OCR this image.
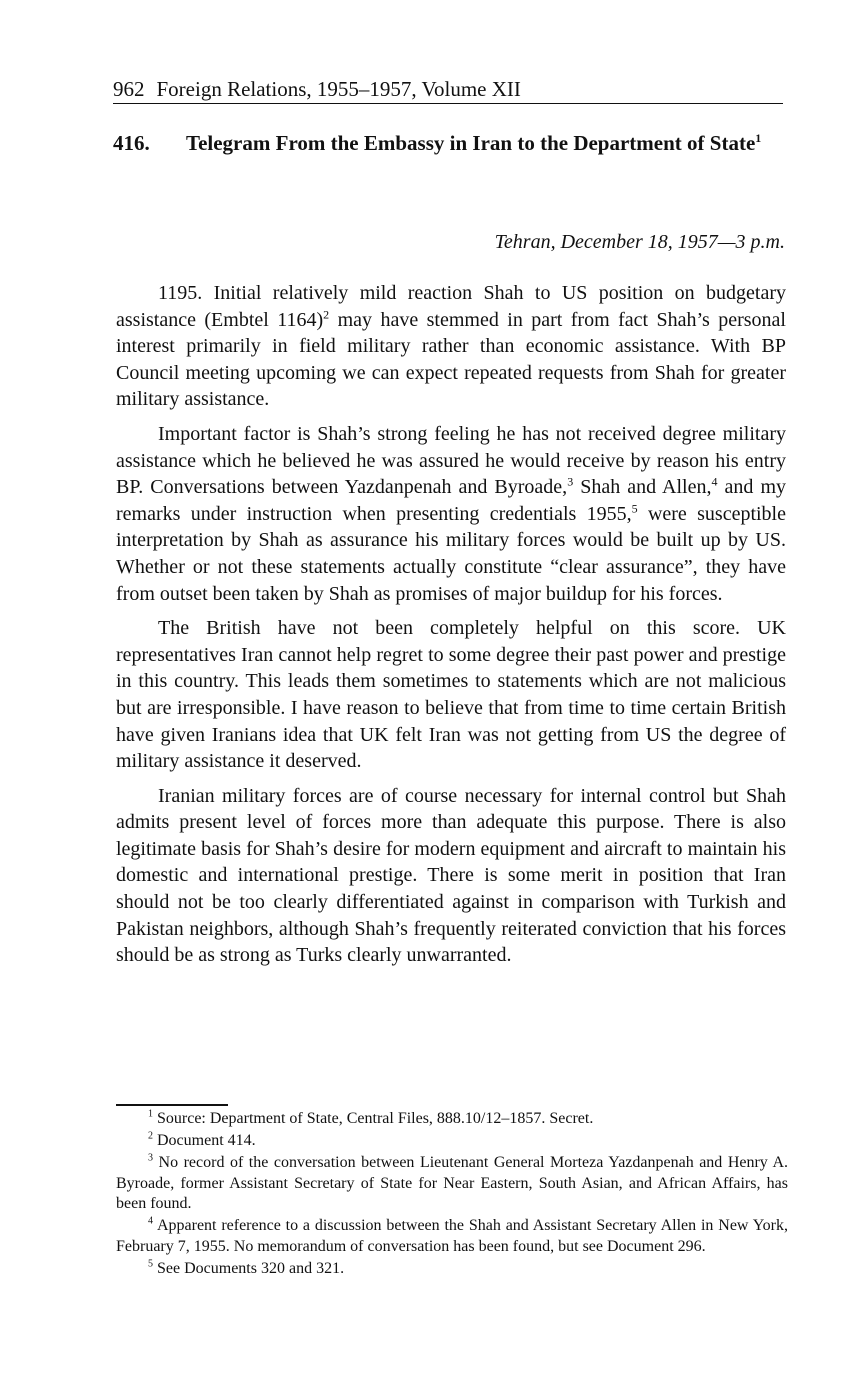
962 Foreign Relations, 1955–1957, Volume XII
416. Telegram From the Embassy in Iran to the Department of State$^1$
Tehran, December 18, 1957—3 p.m.

1195. Initial relatively mild reaction Shah to US position on budgetary assistance (Embtel 1164)$^2$ may have stemmed in part from fact Shah’s personal interest primarily in field military rather than economic assistance. With BP Council meeting upcoming we can expect repeated requests from Shah for greater military assistance.

Important factor is Shah’s strong feeling he has not received degree military assistance which he believed he was assured he would receive by reason his entry BP. Conversations between Yazdanpenah and Byroade,$^3$ Shah and Allen,$^4$ and my remarks under instruction when presenting credentials 1955,$^5$ were susceptible interpretation by Shah as assurance his military forces would be built up by US. Whether or not these statements actually constitute “clear assurance”, they have from outset been taken by Shah as promises of major buildup for his forces.

The British have not been completely helpful on this score. UK representatives Iran cannot help regret to some degree their past power and prestige in this country. This leads them sometimes to statements which are not malicious but are irresponsible. I have reason to believe that from time to time certain British have given Iranians idea that UK felt Iran was not getting from US the degree of military assistance it deserved.

Iranian military forces are of course necessary for internal control but Shah admits present level of forces more than adequate this purpose. There is also legitimate basis for Shah’s desire for modern equipment and aircraft to maintain his domestic and international prestige. There is some merit in position that Iran should not be too clearly differentiated against in comparison with Turkish and Pakistan neighbors, although Shah’s frequently reiterated conviction that his forces should be as strong as Turks clearly unwarranted.

$^1$ Source: Department of State, Central Files, 888.10/12–1857. Secret.

$^2$ Document 414.

$^3$ No record of the conversation between Lieutenant General Morteza Yazdanpenah and Henry A. Byroade, former Assistant Secretary of State for Near Eastern, South Asian, and African Affairs, has been found.

$^4$ Apparent reference to a discussion between the Shah and Assistant Secretary Allen in New York, February 7, 1955. No memorandum of conversation has been found, but see Document 296.

$^5$ See Documents 320 and 321.
